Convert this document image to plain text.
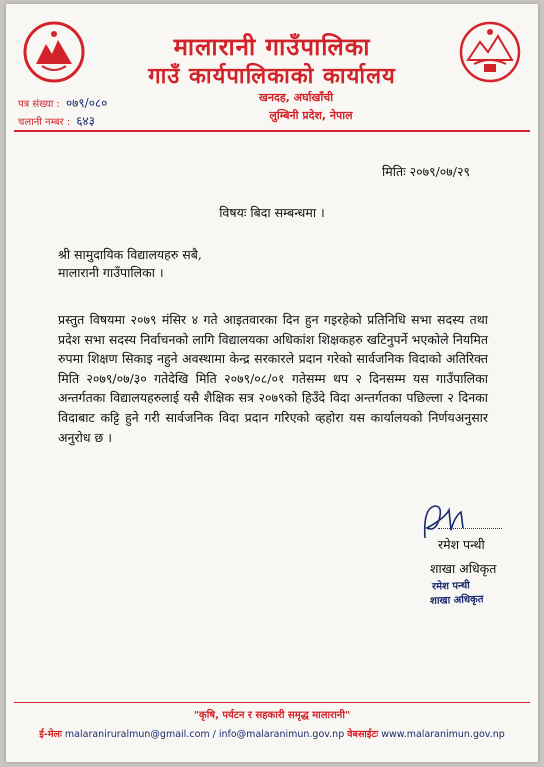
मालारानी गाउँपालिका
गाउँ कार्यपालिकाको कार्यालय
खनदह, अर्घाखाँची
लुम्बिनी प्रदेश, नेपाल
पत्र संख्या : ०७९/०८०
चलानी नम्बर : ६४३
मितिः २०७९/०७/२९
विषयः बिदा सम्बन्धमा ।
श्री सामुदायिक विद्यालयहरु सबै,
मालारानी गाउँपालिका ।
प्रस्तुत विषयमा २०७९ मंसिर ४ गते आइतवारका दिन हुन गइरहेको प्रतिनिधि सभा सदस्य तथा प्रदेश सभा सदस्य निर्वाचनको लागि विद्यालयका अधिकांश शिक्षकहरु खटिनुपर्ने भएकोले नियमित रुपमा शिक्षण सिकाइ नहुने अवस्थामा केन्द्र सरकारले प्रदान गरेको सार्वजनिक विदाको अतिरिक्त मिति २०७९/०७/३० गतेदेखि मिति २०७९/०८/०१ गतेसम्म थप २ दिनसम्म यस गाउँपालिका अन्तर्गतका विद्यालयहरुलाई यसै शैक्षिक सत्र २०७९को हिउँदे विदा अन्तर्गतका पछिल्ला २ दिनका विदाबाट कट्टि हुने गरी सार्वजनिक विदा प्रदान गरिएको व्हहोरा यस कार्यालयको निर्णयअनुसार अनुरोध छ ।
रमेश पन्थी
शाखा अधिकृत
रमेश पन्थी
शाखा अधिकृत
"कृषि, पर्यटन र सहकारी समृद्ध मालारानी"
ई-मेलः malaraniruralmun@gmail.com / info@malaranimun.gov.np वेबसाईटः www.malaranimun.gov.np
